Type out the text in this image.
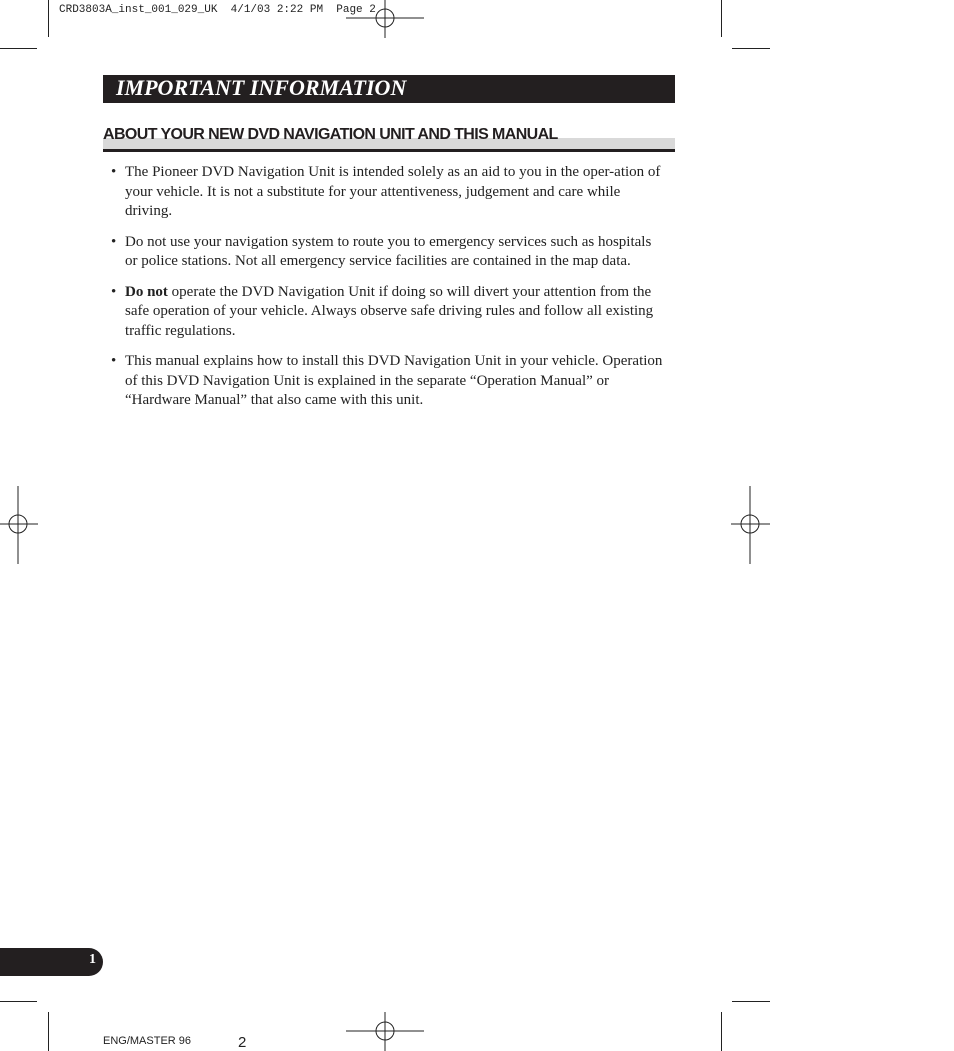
CRD3803A_inst_001_029_UK  4/1/03 2:22 PM  Page 2
IMPORTANT INFORMATION
ABOUT YOUR NEW DVD NAVIGATION UNIT AND THIS MANUAL
• The Pioneer DVD Navigation Unit is intended solely as an aid to you in the oper-ation of your vehicle. It is not a substitute for your attentiveness, judgement and care while driving.
• Do not use your navigation system to route you to emergency services such as hospitals or police stations. Not all emergency service facilities are contained in the map data.
• Do not operate the DVD Navigation Unit if doing so will divert your attention from the safe operation of your vehicle. Always observe safe driving rules and follow all existing traffic regulations.
• This manual explains how to install this DVD Navigation Unit in your vehicle. Operation of this DVD Navigation Unit is explained in the separate “Operation Manual” or “Hardware Manual” that also came with this unit.
1
ENG/MASTER 96	2
